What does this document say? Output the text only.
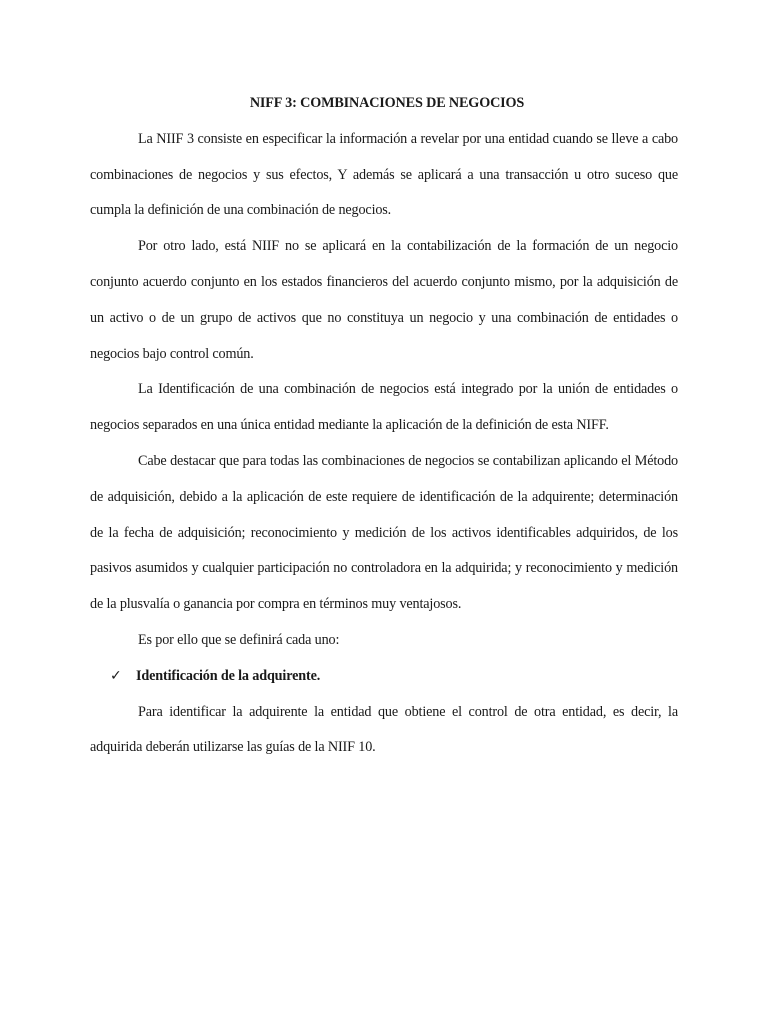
NIFF 3: COMBINACIONES DE NEGOCIOS

La NIIF 3 consiste en especificar la información a revelar por una entidad cuando se lleve a cabo combinaciones de negocios y sus efectos, Y además se aplicará a una transacción u otro suceso que cumpla la definición de una combinación de negocios.

Por otro lado, está NIIF no se aplicará en la contabilización de la formación de un negocio conjunto acuerdo conjunto en los estados financieros del acuerdo conjunto mismo, por la adquisición de un activo o de un grupo de activos que no constituya un negocio y una combinación de entidades o negocios bajo control común.

La Identificación de una combinación de negocios está integrado por la unión de entidades o negocios separados en una única entidad mediante la aplicación de la definición de esta NIFF.

Cabe destacar que para todas las combinaciones de negocios se contabilizan aplicando el Método de adquisición, debido a la aplicación de este requiere de identificación de la adquirente; determinación de la fecha de adquisición; reconocimiento y medición de los activos identificables adquiridos, de los pasivos asumidos y cualquier participación no controladora en la adquirida; y reconocimiento y medición de la plusvalía o ganancia por compra en términos muy ventajosos.

Es por ello que se definirá cada uno:

✓ Identificación de la adquirente.

Para identificar la adquirente la entidad que obtiene el control de otra entidad, es decir, la adquirida deberán utilizarse las guías de la NIIF 10.
